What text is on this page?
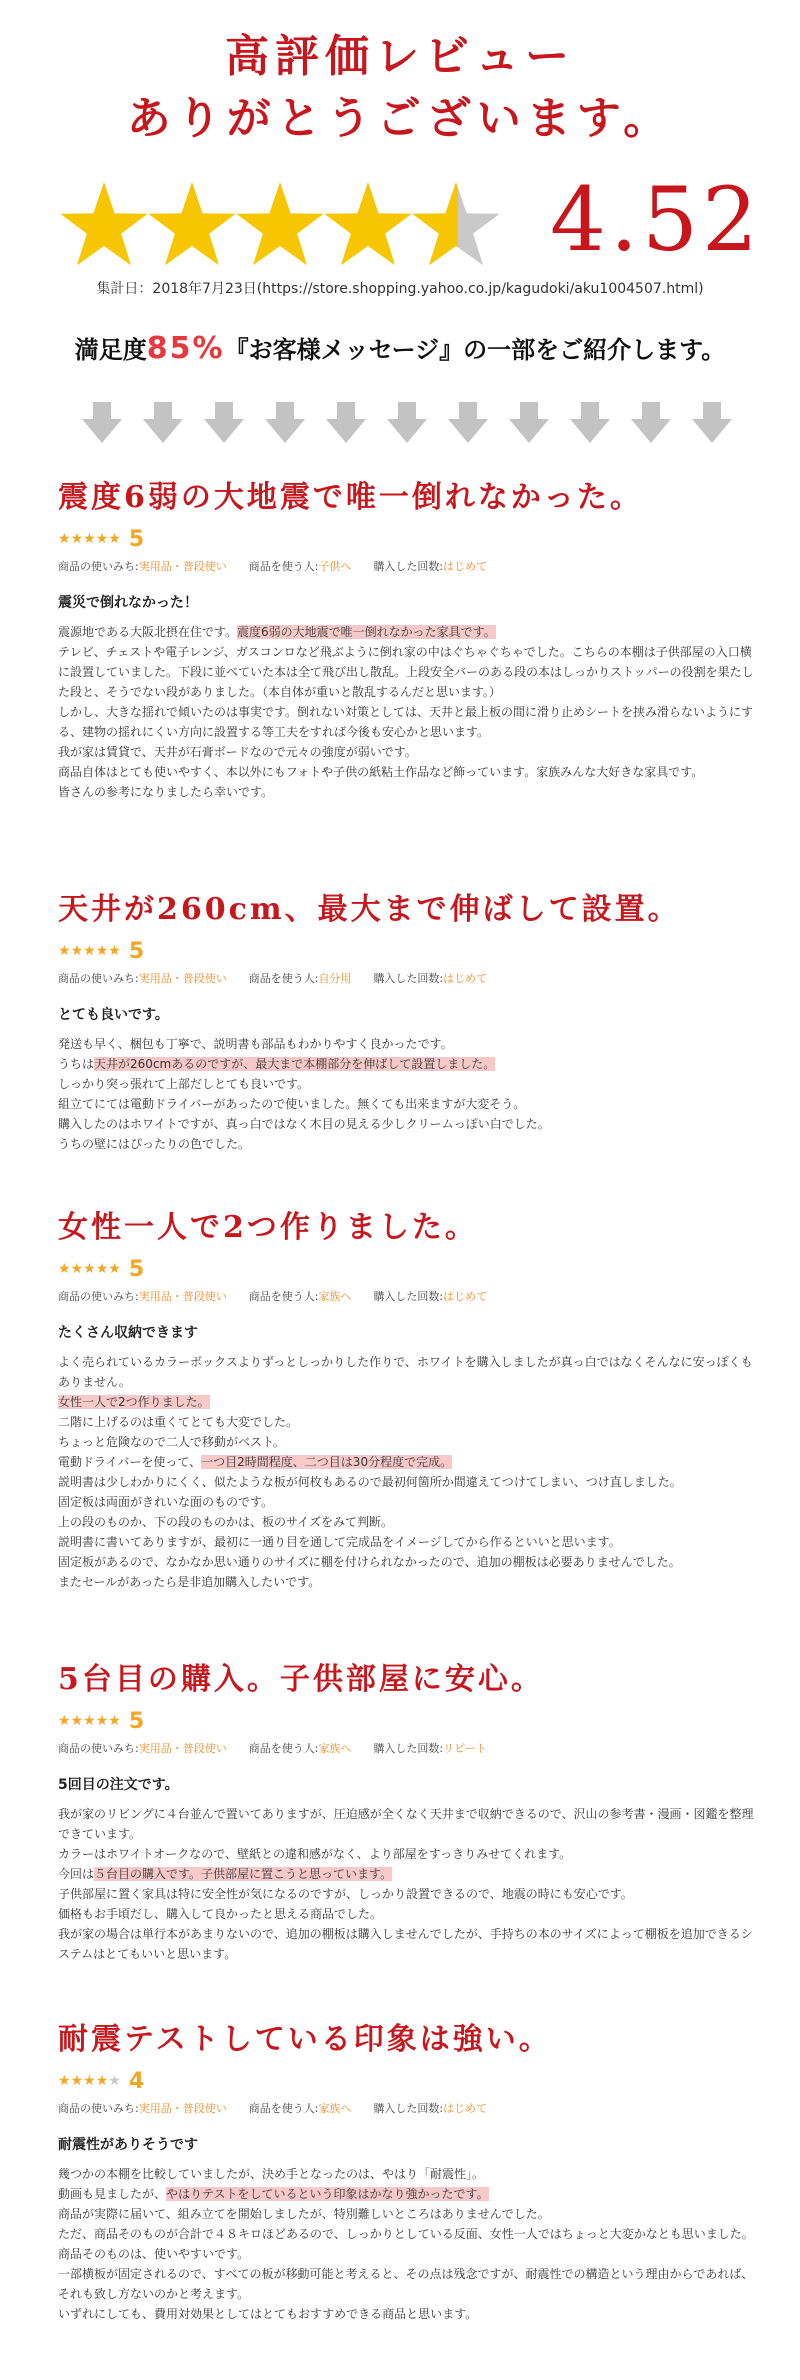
高評価レビュー
ありがとうございます。
4.52
集計日：2018年7月23日(https://store.shopping.yahoo.co.jp/kagudoki/aku1004507.html)
満足度85%『お客様メッセージ』の一部をご紹介します。
震度6弱の大地震で唯一倒れなかった。
★ ★ ★ ★ ★ 5
商品の使いみち:実用品・普段使い 商品を使う人:子供へ 購入した回数:はじめて
震災で倒れなかった！

震源地である大阪北摂在住です。震度6弱の大地震で唯一倒れなかった家具です。

テレビ、チェストや電子レンジ、ガスコンロなど飛ぶように倒れ家の中はぐちゃぐちゃでした。こちらの本棚は子供部屋の入口横に設置していました。下段に並べていた本は全て飛び出し散乱。上段安全バーのある段の本はしっかりストッパーの役割を果たした段と、そうでない段がありました。（本自体が重いと散乱するんだと思います。）

しかし、大きな揺れで傾いたのは事実です。倒れない対策としては、天井と最上板の間に滑り止めシートを挟み滑らないようにする、建物の揺れにくい方向に設置する等工夫をすれば今後も安心かと思います。

我が家は賃貸で、天井が石膏ボードなので元々の強度が弱いです。

商品自体はとても使いやすく、本以外にもフォトや子供の紙粘土作品など飾っています。家族みんな大好きな家具です。

皆さんの参考になりましたら幸いです。

天井が260cm、最大まで伸ばして設置。
★ ★ ★ ★ ★ 5
商品の使いみち:実用品・普段使い 商品を使う人:自分用 購入した回数:はじめて
とても良いです。

発送も早く、梱包も丁寧で、説明書も部品もわかりやすく良かったです。

うちは天井が260cmあるのですが、最大まで本棚部分を伸ばして設置しました。

しっかり突っ張れて上部だしとても良いです。

組立てにては電動ドライバーがあったので使いました。無くても出来ますが大変そう。

購入したのはホワイトですが、真っ白ではなく木目の見える少しクリームっぽい白でした。

うちの壁にはぴったりの色でした。

女性一人で2つ作りました。
★ ★ ★ ★ ★ 5
商品の使いみち:実用品・普段使い 商品を使う人:家族へ 購入した回数:はじめて
たくさん収納できます

よく売られているカラーボックスよりずっとしっかりした作りで、ホワイトを購入しましたが真っ白ではなくそんなに安っぽくもありません。

女性一人で2つ作りました。

二階に上げるのは重くてとても大変でした。

ちょっと危険なので二人で移動がベスト。

電動ドライバーを使って、一つ目2時間程度、二つ目は30分程度で完成。

説明書は少しわかりにくく、似たような板が何枚もあるので最初何箇所か間違えてつけてしまい、つけ直しました。

固定板は両面がきれいな面のものです。

上の段のものか、下の段のものかは、板のサイズをみて判断。

説明書に書いてありますが、最初に一通り目を通して完成品をイメージしてから作るといいと思います。

固定板があるので、なかなか思い通りのサイズに棚を付けられなかったので、追加の棚板は必要ありませんでした。

またセールがあったら是非追加購入したいです。

5台目の購入。子供部屋に安心。
★ ★ ★ ★ ★ 5
商品の使いみち:実用品・普段使い 商品を使う人:家族へ 購入した回数:リピート
5回目の注文です。

我が家のリビングに４台並んで置いてありますが、圧迫感が全くなく天井まで収納できるので、沢山の参考書・漫画・図鑑を整理できています。

カラーはホワイトオークなので、壁紙との違和感がなく、より部屋をすっきりみせてくれます。

今回は５台目の購入です。子供部屋に置こうと思っています。

子供部屋に置く家具は特に安全性が気になるのですが、しっかり設置できるので、地震の時にも安心です。

価格もお手頃だし、購入して良かったと思える商品でした。

我が家の場合は単行本があまりないので、追加の棚板は購入しませんでしたが、手持ちの本のサイズによって棚板を追加できるシステムはとてもいいと思います。

耐震テストしている印象は強い。
★ ★ ★ ★ ★ 4
商品の使いみち:実用品・普段使い 商品を使う人:家族へ 購入した回数:はじめて
耐震性がありそうです

幾つかの本棚を比較していましたが、決め手となったのは、やはり「耐震性」。

動画も見ましたが、やはりテストをしているという印象はかなり強かったです。

商品が実際に届いて、組み立てを開始しましたが、特別難しいところはありませんでした。

ただ、商品そのものが合計で４８キロほどあるので、しっかりとしている反面、女性一人ではちょっと大変かなとも思いました。

商品そのものは、使いやすいです。

一部横板が固定されるので、すべての板が移動可能と考えると、その点は残念ですが、耐震性での構造という理由からであれば、それも致し方ないのかと考えます。

いずれにしても、費用対効果としてはとてもおすすめできる商品と思います。
